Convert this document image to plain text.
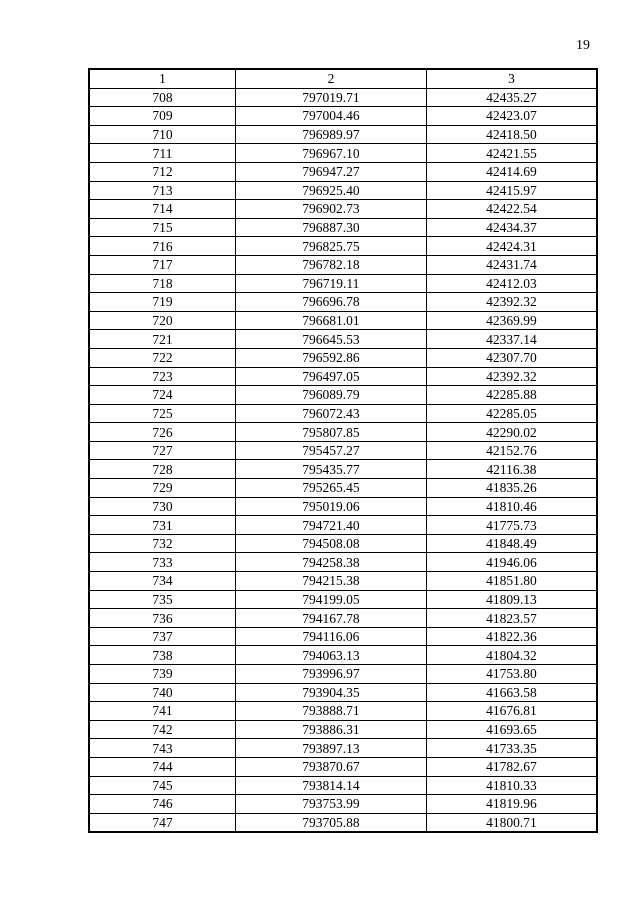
19
1	2	3
708	797019.71	42435.27
709	797004.46	42423.07
710	796989.97	42418.50
711	796967.10	42421.55
712	796947.27	42414.69
713	796925.40	42415.97
714	796902.73	42422.54
715	796887.30	42434.37
716	796825.75	42424.31
717	796782.18	42431.74
718	796719.11	42412.03
719	796696.78	42392.32
720	796681.01	42369.99
721	796645.53	42337.14
722	796592.86	42307.70
723	796497.05	42392.32
724	796089.79	42285.88
725	796072.43	42285.05
726	795807.85	42290.02
727	795457.27	42152.76
728	795435.77	42116.38
729	795265.45	41835.26
730	795019.06	41810.46
731	794721.40	41775.73
732	794508.08	41848.49
733	794258.38	41946.06
734	794215.38	41851.80
735	794199.05	41809.13
736	794167.78	41823.57
737	794116.06	41822.36
738	794063.13	41804.32
739	793996.97	41753.80
740	793904.35	41663.58
741	793888.71	41676.81
742	793886.31	41693.65
743	793897.13	41733.35
744	793870.67	41782.67
745	793814.14	41810.33
746	793753.99	41819.96
747	793705.88	41800.71
